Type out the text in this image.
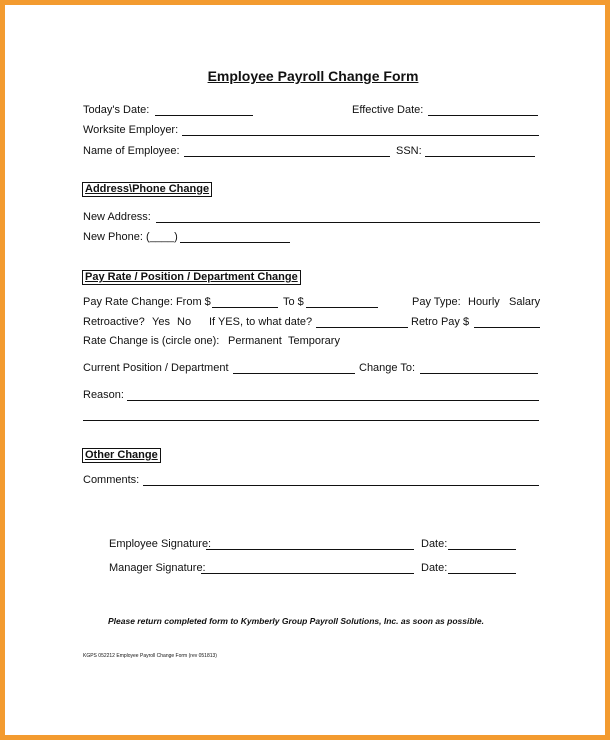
Employee Payroll Change Form
Today's Date:	Effective Date:
Worksite Employer:
Name of Employee:	SSN:
Address\Phone Change
New Address:
New Phone: (____)
Pay Rate / Position / Department Change
Pay Rate Change: From $	To $	Pay Type: Hourly Salary
Retroactive? Yes No If YES, to what date?	Retro Pay $
Rate Change is (circle one): Permanent Temporary
Current Position / Department	Change To:
Reason:
Other Change
Comments:
Employee Signature:	Date:
Manager Signature:	Date:
Please return completed form to Kymberly Group Payroll Solutions, Inc. as soon as possible.
KGPS 052212 Employee Payroll Change Form (rev 051813)
